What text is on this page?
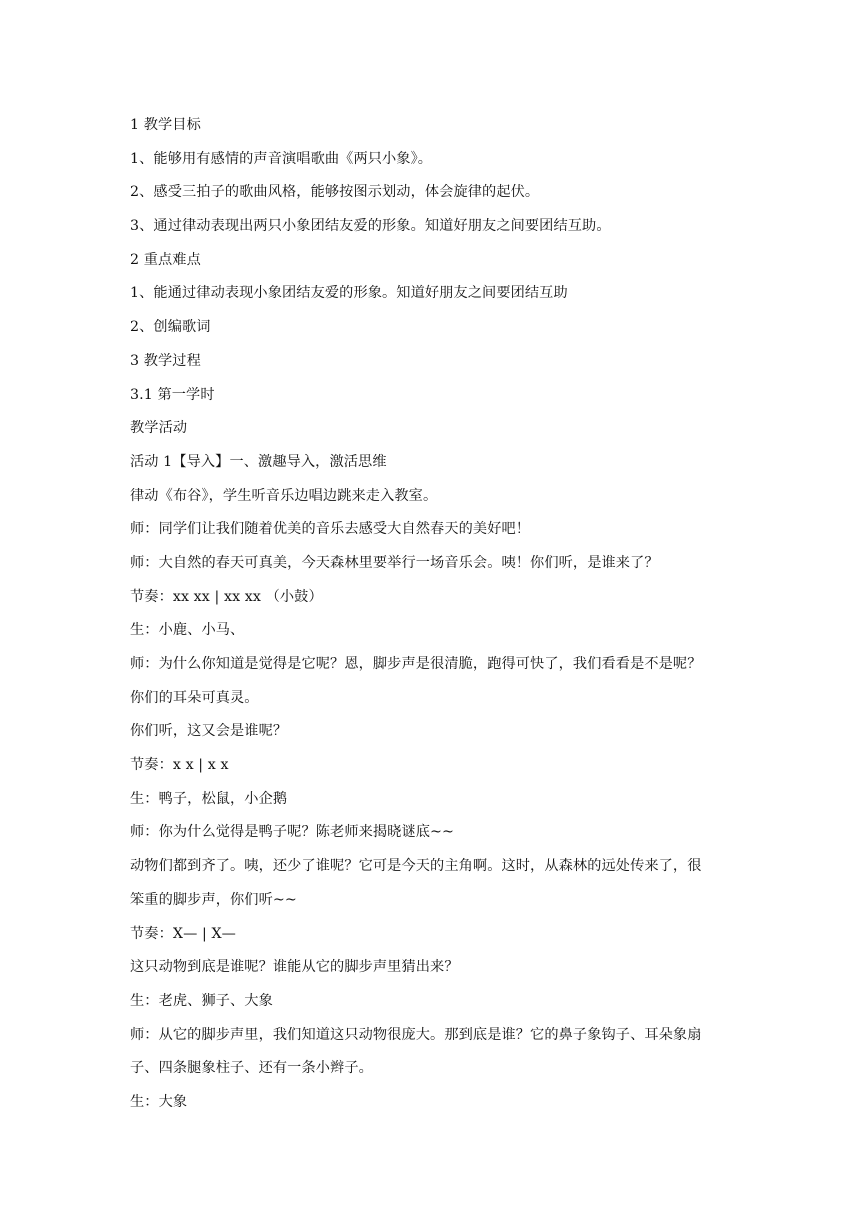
1 教学目标
1、能够用有感情的声音演唱歌曲《两只小象》。
2、感受三拍子的歌曲风格，能够按图示划动，体会旋律的起伏。
3、通过律动表现出两只小象团结友爱的形象。知道好朋友之间要团结互助。
2 重点难点
1、能通过律动表现小象团结友爱的形象。知道好朋友之间要团结互助
2、创编歌词
3 教学过程
3.1 第一学时
教学活动
活动 1【导入】一、激趣导入，激活思维
律动《布谷》，学生听音乐边唱边跳来走入教室。
师：同学们让我们随着优美的音乐去感受大自然春天的美好吧！
师：大自然的春天可真美，今天森林里要举行一场音乐会。咦！你们听，是谁来了？
节奏：xx xx | xx xx （小鼓）
生：小鹿、小马、
师：为什么你知道是觉得是它呢？恩，脚步声是很清脆，跑得可快了，我们看看是不是呢？
你们的耳朵可真灵。
你们听，这又会是谁呢？
节奏：x x | x x
生：鸭子，松鼠，小企鹅
师：你为什么觉得是鸭子呢？陈老师来揭晓谜底~~
动物们都到齐了。咦，还少了谁呢？它可是今天的主角啊。这时，从森林的远处传来了，很
笨重的脚步声，你们听~~
节奏：X— | X—
这只动物到底是谁呢？谁能从它的脚步声里猜出来？
生：老虎、狮子、大象
师：从它的脚步声里，我们知道这只动物很庞大。那到底是谁？它的鼻子象钩子、耳朵象扇
子、四条腿象柱子、还有一条小辫子。
生：大象
